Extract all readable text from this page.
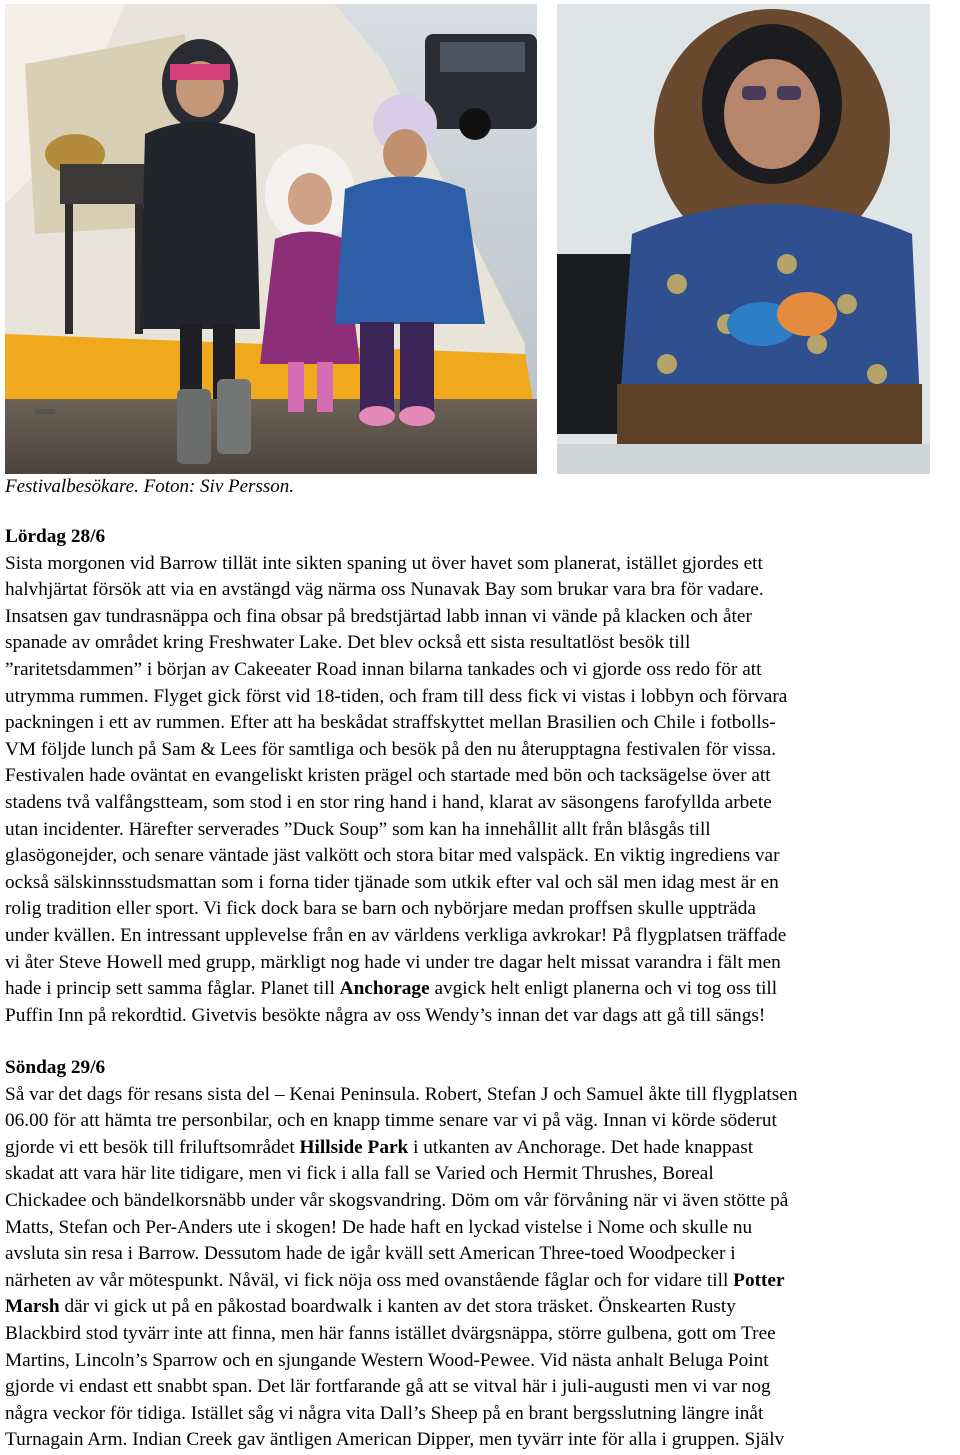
Festivalbesökare. Foton: Siv Persson.
Lördag 28/6
Sista morgonen vid Barrow tillät inte sikten spaning ut över havet som planerat, istället gjordes ett
halvhjärtat försök att via en avstängd väg närma oss Nunavak Bay som brukar vara bra för vadare.
Insatsen gav tundrasnäppa och fina obsar på bredstjärtad labb innan vi vände på klacken och åter
spanade av området kring Freshwater Lake. Det blev också ett sista resultatlöst besök till
”raritetsdammen” i början av Cakeeater Road innan bilarna tankades och vi gjorde oss redo för att
utrymma rummen. Flyget gick först vid 18-tiden, och fram till dess fick vi vistas i lobbyn och förvara
packningen i ett av rummen. Efter att ha beskådat straffskyttet mellan Brasilien och Chile i fotbolls-
VM följde lunch på Sam & Lees för samtliga och besök på den nu återupptagna festivalen för vissa.
Festivalen hade oväntat en evangeliskt kristen prägel och startade med bön och tacksägelse över att
stadens två valfångstteam, som stod i en stor ring hand i hand, klarat av säsongens farofyllda arbete
utan incidenter. Härefter serverades ”Duck Soup” som kan ha innehållit allt från blåsgås till
glasögonejder, och senare väntade jäst valkött och stora bitar med valspäck. En viktig ingrediens var
också sälskinnsstudsmattan som i forna tider tjänade som utkik efter val och säl men idag mest är en
rolig tradition eller sport. Vi fick dock bara se barn och nybörjare medan proffsen skulle uppträda
under kvällen. En intressant upplevelse från en av världens verkliga avkrokar! På flygplatsen träffade
vi åter Steve Howell med grupp, märkligt nog hade vi under tre dagar helt missat varandra i fält men
hade i princip sett samma fåglar. Planet till Anchorage avgick helt enligt planerna och vi tog oss till
Puffin Inn på rekordtid. Givetvis besökte några av oss Wendy’s innan det var dags att gå till sängs!
Söndag 29/6
Så var det dags för resans sista del – Kenai Peninsula. Robert, Stefan J och Samuel åkte till flygplatsen
06.00 för att hämta tre personbilar, och en knapp timme senare var vi på väg. Innan vi körde söderut
gjorde vi ett besök till friluftsområdet Hillside Park i utkanten av Anchorage. Det hade knappast
skadat att vara här lite tidigare, men vi fick i alla fall se Varied och Hermit Thrushes, Boreal
Chickadee och bändelkorsnäbb under vår skogsvandring. Döm om vår förvåning när vi även stötte på
Matts, Stefan och Per-Anders ute i skogen! De hade haft en lyckad vistelse i Nome och skulle nu
avsluta sin resa i Barrow. Dessutom hade de igår kväll sett American Three-toed Woodpecker i
närheten av vår mötespunkt. Nåväl, vi fick nöja oss med ovanstående fåglar och for vidare till Potter
Marsh där vi gick ut på en påkostad boardwalk i kanten av det stora träsket. Önskearten Rusty
Blackbird stod tyvärr inte att finna, men här fanns istället dvärgsnäppa, större gulbena, gott om Tree
Martins, Lincoln’s Sparrow och en sjungande Western Wood-Pewee. Vid nästa anhalt Beluga Point
gjorde vi endast ett snabbt span. Det lär fortfarande gå att se vitval här i juli-augusti men vi var nog
några veckor för tidiga. Istället såg vi några vita Dall’s Sheep på en brant bergsslutning längre inåt
Turnagain Arm. Indian Creek gav äntligen American Dipper, men tyvärr inte för alla i gruppen. Själv
